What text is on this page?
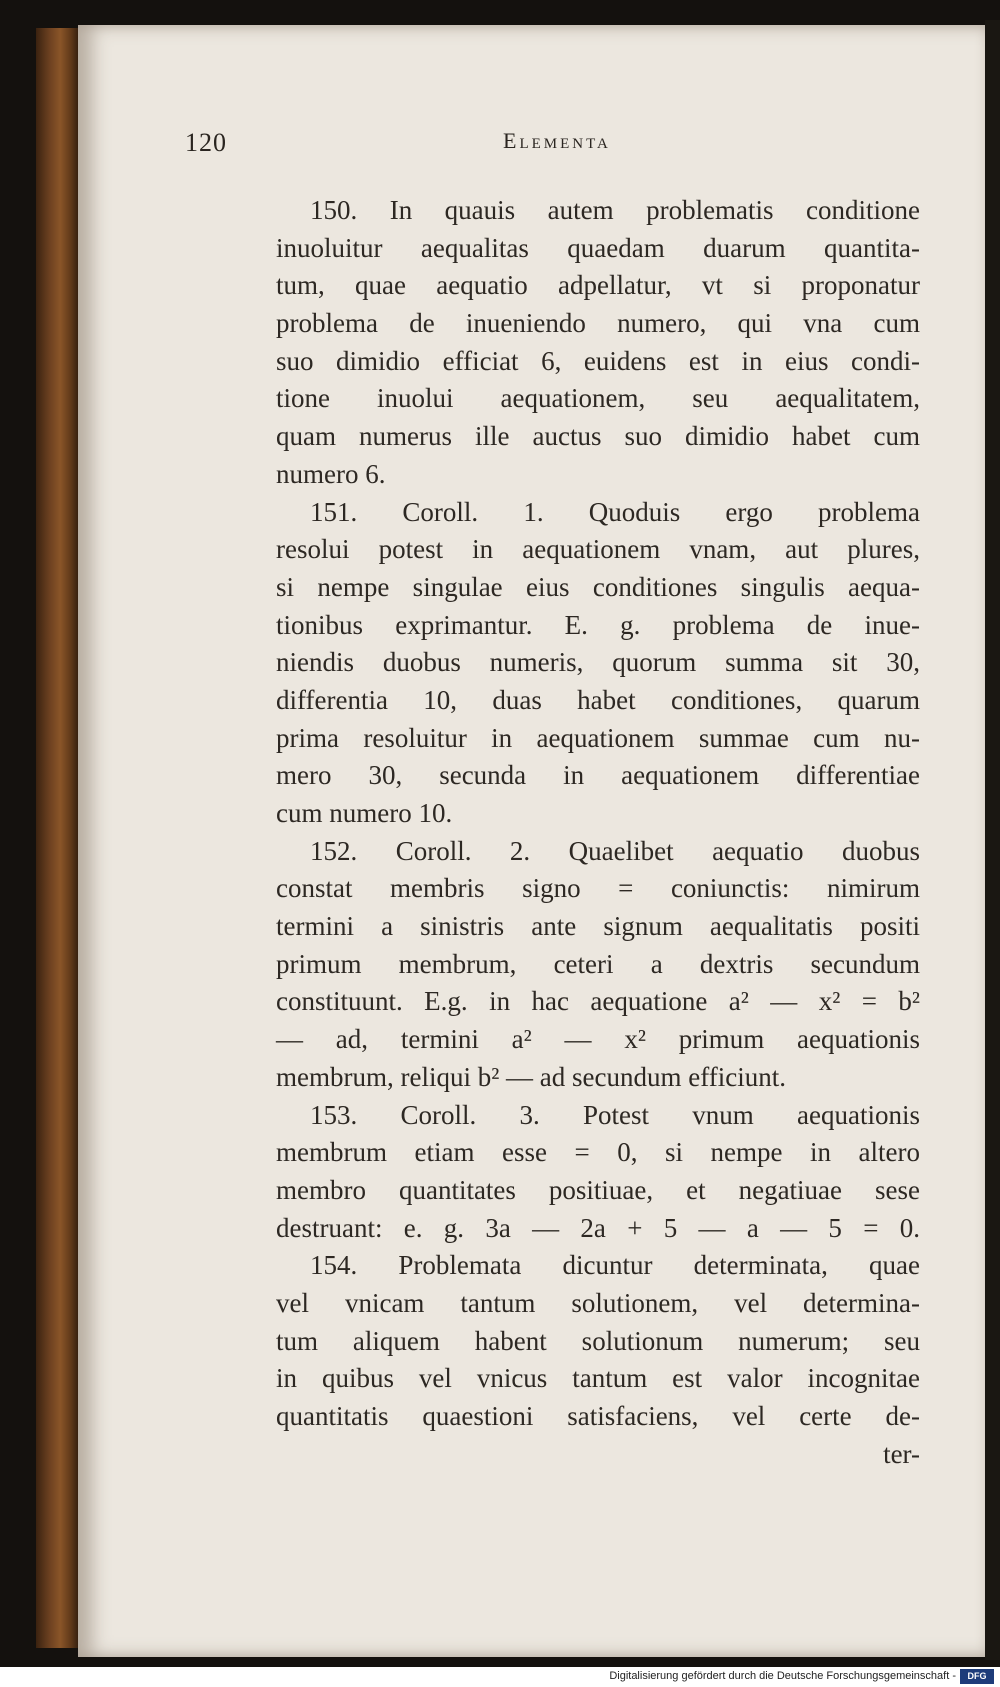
120	Elementa
150. In quauis autem problematis conditione
inuoluitur aequalitas quaedam duarum quantita-
tum, quae aequatio adpellatur, vt si proponatur
problema de inueniendo numero, qui vna cum
suo dimidio efficiat 6, euidens est in eius condi-
tione inuolui aequationem, seu aequalitatem,
quam numerus ille auctus suo dimidio habet cum
numero 6.
151. Coroll. 1. Quoduis ergo problema
resolui potest in aequationem vnam, aut plures,
si nempe singulae eius conditiones singulis aequa-
tionibus exprimantur. E. g. problema de inue-
niendis duobus numeris, quorum summa sit 30,
differentia 10, duas habet conditiones, quarum
prima resoluitur in aequationem summae cum nu-
mero 30, secunda in aequationem differentiae
cum numero 10.
152. Coroll. 2. Quaelibet aequatio duobus
constat membris signo = coniunctis: nimirum
termini a sinistris ante signum aequalitatis positi
primum membrum, ceteri a dextris secundum
constituunt. E.g. in hac aequatione a² — x² = b²
— ad, termini a² — x² primum aequationis
membrum, reliqui b² — ad secundum efficiunt.
153. Coroll. 3. Potest vnum aequationis
membrum etiam esse = 0, si nempe in altero
membro quantitates positiuae, et negatiuae sese
destruant: e. g. 3a — 2a + 5 — a — 5 = 0.
154. Problemata dicuntur determinata, quae
vel vnicam tantum solutionem, vel determina-
tum aliquem habent solutionum numerum; seu
in quibus vel vnicus tantum est valor incognitae
quantitatis quaestioni satisfaciens, vel certe de-
ter-
Digitalisierung gefördert durch die Deutsche Forschungsgemeinschaft -	DFG
